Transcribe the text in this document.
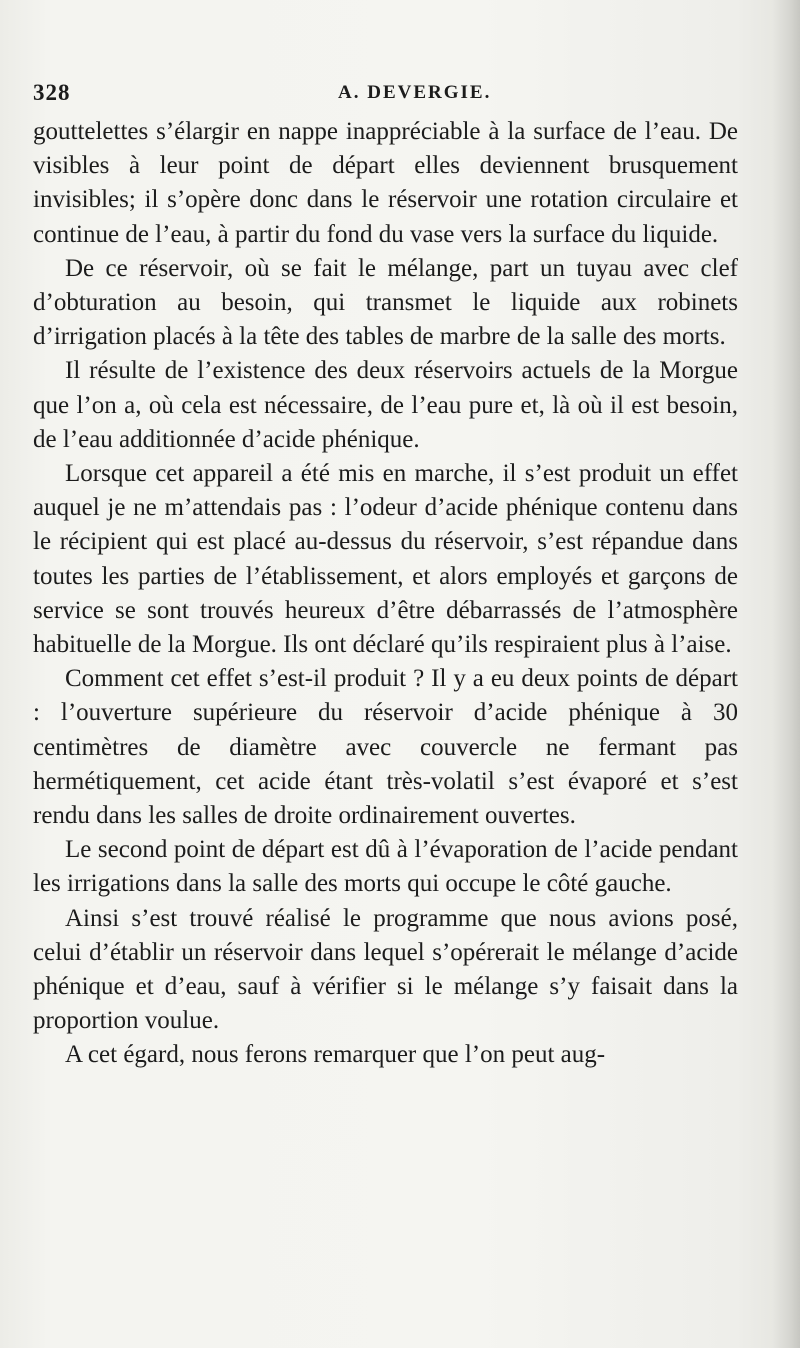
328	A. DEVERGIE.

gouttelettes s’élargir en nappe inappréciable à la surface de l’eau. De visibles à leur point de départ elles deviennent brusquement invisibles; il s’opère donc dans le réservoir une rotation circulaire et continue de l’eau, à partir du fond du vase vers la surface du liquide.

De ce réservoir, où se fait le mélange, part un tuyau avec clef d’obturation au besoin, qui transmet le liquide aux robinets d’irrigation placés à la tête des tables de marbre de la salle des morts.

Il résulte de l’existence des deux réservoirs actuels de la Morgue que l’on a, où cela est nécessaire, de l’eau pure et, là où il est besoin, de l’eau additionnée d’acide phénique.

Lorsque cet appareil a été mis en marche, il s’est produit un effet auquel je ne m’attendais pas : l’odeur d’acide phénique contenu dans le récipient qui est placé au-dessus du réservoir, s’est répandue dans toutes les parties de l’établissement, et alors employés et garçons de service se sont trouvés heureux d’être débarrassés de l’atmosphère habituelle de la Morgue. Ils ont déclaré qu’ils respiraient plus à l’aise.

Comment cet effet s’est-il produit ? Il y a eu deux points de départ : l’ouverture supérieure du réservoir d’acide phénique à 30 centimètres de diamètre avec couvercle ne fermant pas hermétiquement, cet acide étant très-volatil s’est évaporé et s’est rendu dans les salles de droite ordinairement ouvertes.

Le second point de départ est dû à l’évaporation de l’acide pendant les irrigations dans la salle des morts qui occupe le côté gauche.

Ainsi s’est trouvé réalisé le programme que nous avions posé, celui d’établir un réservoir dans lequel s’opérerait le mélange d’acide phénique et d’eau, sauf à vérifier si le mélange s’y faisait dans la proportion voulue.

A cet égard, nous ferons remarquer que l’on peut aug-
